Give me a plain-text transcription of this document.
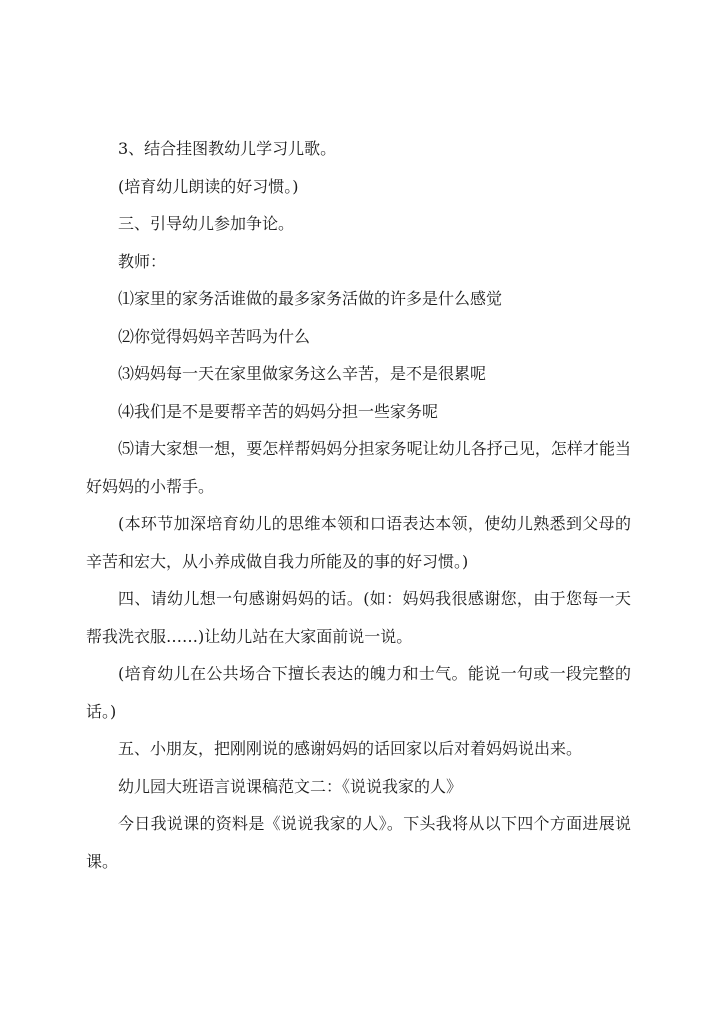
3、结合挂图教幼儿学习儿歌。

(培育幼儿朗读的好习惯。)

三、引导幼儿参加争论。

教师：

⑴家里的家务活谁做的最多家务活做的许多是什么感觉

⑵你觉得妈妈辛苦吗为什么

⑶妈妈每一天在家里做家务这么辛苦，是不是很累呢

⑷我们是不是要帮辛苦的妈妈分担一些家务呢

⑸请大家想一想，要怎样帮妈妈分担家务呢让幼儿各抒己见，怎样才能当好妈妈的小帮手。

(本环节加深培育幼儿的思维本领和口语表达本领，使幼儿熟悉到父母的辛苦和宏大，从小养成做自我力所能及的事的好习惯。)

四、请幼儿想一句感谢妈妈的话。(如：妈妈我很感谢您，由于您每一天帮我洗衣服……)让幼儿站在大家面前说一说。

(培育幼儿在公共场合下擅长表达的魄力和士气。能说一句或一段完整的话。)

五、小朋友，把刚刚说的感谢妈妈的话回家以后对着妈妈说出来。

幼儿园大班语言说课稿范文二：《说说我家的人》

今日我说课的资料是《说说我家的人》。下头我将从以下四个方面进展说课。
